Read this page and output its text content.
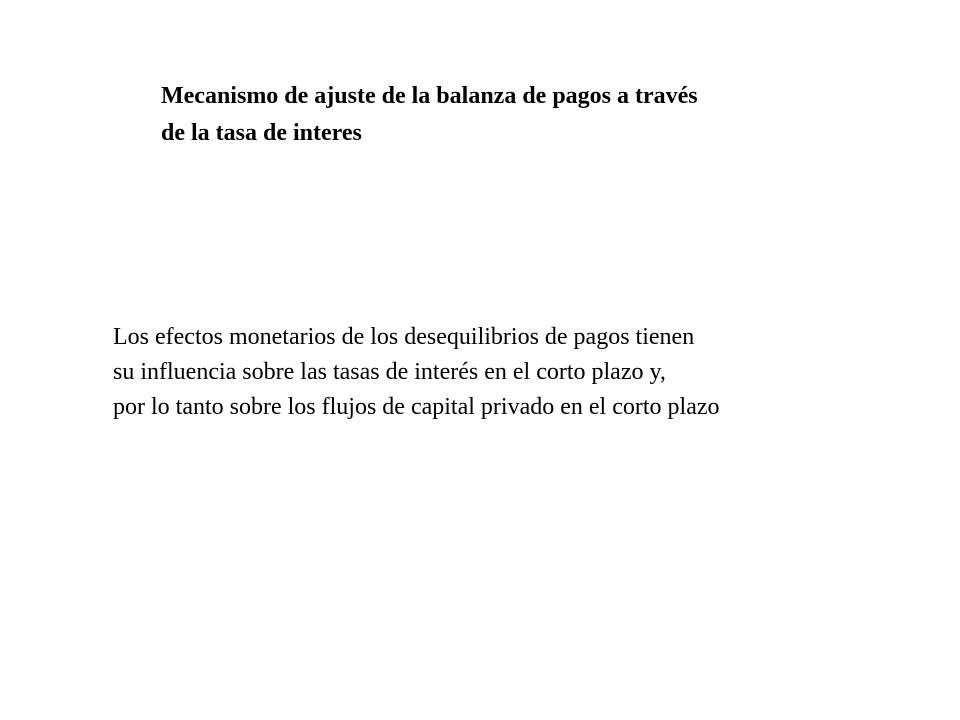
Mecanismo de ajuste de la balanza de pagos a través
de la tasa de interes

Los efectos monetarios de los desequilibrios de pagos tienen
su influencia sobre las tasas de interés en el corto plazo y,
por lo tanto sobre los flujos de capital privado en el corto plazo
